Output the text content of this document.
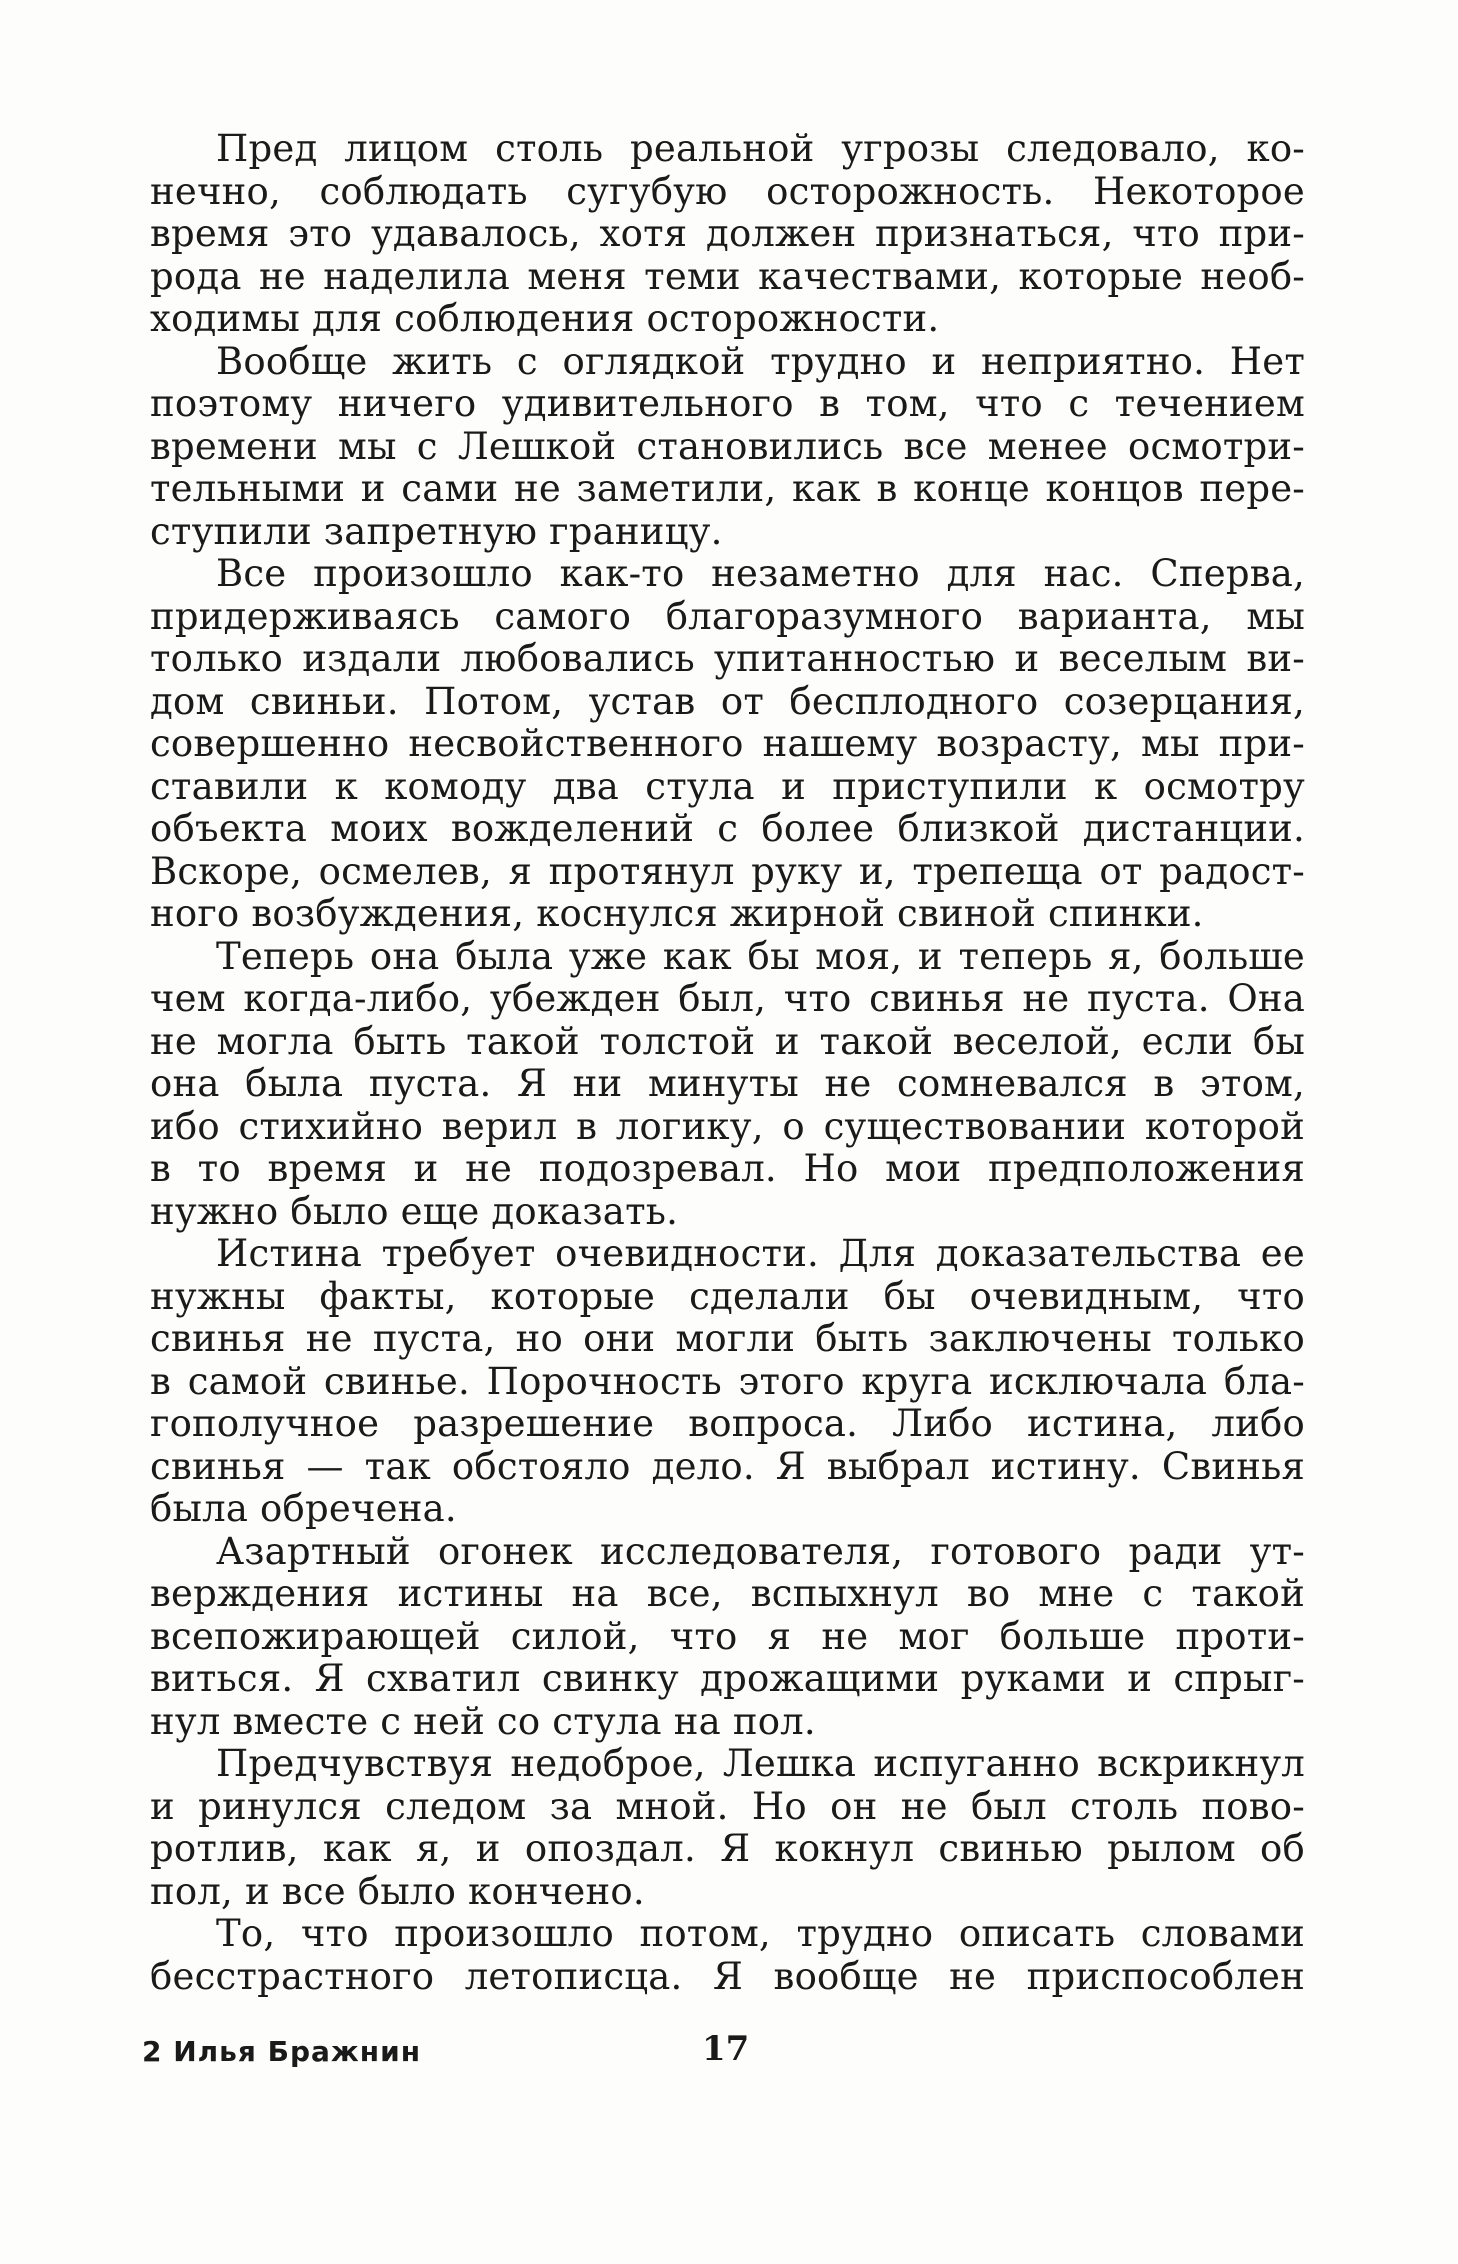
Пред лицом столь реальной угрозы следовало, ко-
нечно, соблюдать сугубую осторожность. Некоторое
время это удавалось, хотя должен признаться, что при-
рода не наделила меня теми качествами, которые необ-
ходимы для соблюдения осторожности.
Вообще жить с оглядкой трудно и неприятно. Нет
поэтому ничего удивительного в том, что с течением
времени мы с Лешкой становились все менее осмотри-
тельными и сами не заметили, как в конце концов пере-
ступили запретную границу.
Все произошло как-то незаметно для нас. Сперва,
придерживаясь самого благоразумного варианта, мы
только издали любовались упитанностью и веселым ви-
дом свиньи. Потом, устав от бесплодного созерцания,
совершенно несвойственного нашему возрасту, мы при-
ставили к комоду два стула и приступили к осмотру
объекта моих вожделений с более близкой дистанции.
Вскоре, осмелев, я протянул руку и, трепеща от радост-
ного возбуждения, коснулся жирной свиной спинки.
Теперь она была уже как бы моя, и теперь я, больше
чем когда-либо, убежден был, что свинья не пуста. Она
не могла быть такой толстой и такой веселой, если бы
она была пуста. Я ни минуты не сомневался в этом,
ибо стихийно верил в логику, о существовании которой
в то время и не подозревал. Но мои предположения
нужно было еще доказать.
Истина требует очевидности. Для доказательства ее
нужны факты, которые сделали бы очевидным, что
свинья не пуста, но они могли быть заключены только
в самой свинье. Порочность этого круга исключала бла-
гополучное разрешение вопроса. Либо истина, либо
свинья — так обстояло дело. Я выбрал истину. Свинья
была обречена.
Азартный огонек исследователя, готового ради ут-
верждения истины на все, вспыхнул во мне с такой
всепожирающей силой, что я не мог больше проти-
виться. Я схватил свинку дрожащими руками и спрыг-
нул вместе с ней со стула на пол.
Предчувствуя недоброе, Лешка испуганно вскрикнул
и ринулся следом за мной. Но он не был столь пово-
ротлив, как я, и опоздал. Я кокнул свинью рылом об
пол, и все было кончено.
То, что произошло потом, трудно описать словами
бесстрастного летописца. Я вообще не приспособлен
2 Илья Бражнин	17
